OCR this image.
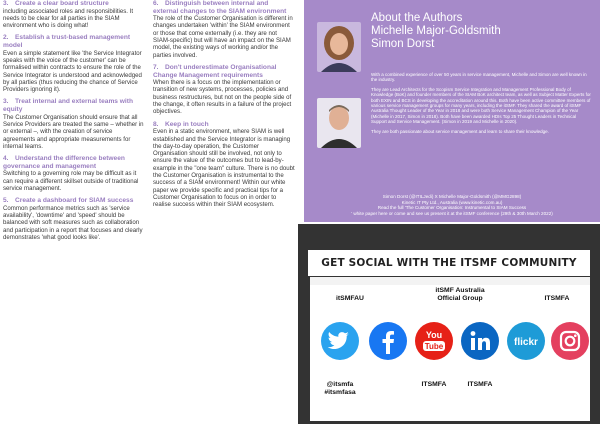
3. Create a clear board structure

including associated roles and responsibilities. It needs to be clear for all parties in the SIAM environment who is doing what!

2. Establish a trust-based management model

Even a simple statement like 'the Service Integrator speaks with the voice of the customer' can be formalised within contracts to ensure the role of the Service Integrator is understood and acknowledged by all parties (thus reducing the chance of Service Providers ignoring it).

3. Treat internal and external teams with equity

The Customer Organisation should ensure that all Service Providers are treated the same – whether in or external –, with the creation of service agreements and appropriate measurements for internal teams.

4. Understand the difference between governance and management

Switching to a governing role may be difficult as it can require a different skillset outside of traditional service management.

5. Create a dashboard for SIAM success

Common performance metrics such as 'service availability', 'downtime' and 'speed' should be balanced with soft measures such as collaboration and participation in a report that focuses and clearly demonstrates 'what good looks like'.

6. Distinguish between internal and external changes to the SIAM environment

The role of the Customer Organisation is different in changes undertaken 'within' the SIAM environment or those that come externally (i.e. they are not SIAM-specific) but will have an impact on the SIAM model, the existing ways of working and/or the parties involved.

7. Don't underestimate Organisational Change Management requirements

When there is a focus on the implementation or transition of new systems, processes, policies and business restructures, but not on the people side of the change, it often results in a failure of the project objectives.

8. Keep in touch

Even in a static environment, where SIAM is well established and the Service Integrator is managing the day-to-day operation, the Customer Organisation should still be involved, not only to ensure the value of the outcomes but to lead-by-example in the "one team" culture. There is no doubt the Customer Organisation is instrumental to the success of a SIAM environment! Within our white paper we provide specific and practical tips for a Customer Organisation to focus on in order to realise success within their SIAM ecosystem.

About the Authors
Michelle Major-Goldsmith
Simon Dorst

With a combined experience of over 50 years in service management, Michelle and Simon are well known in the industry.

They are Lead Architects for the Scopism Service Integration and Management Professional Body of Knowledge (BoK) and founder members of the SIAM BoK architect team, as well as Subject Matter Experts for both EXIN and BCS in developing the accreditation around this. Both have been active committee members of various service management groups for many years, including the itSMF. They shared the award of itSMF Australia Thought Leader of the Year in 2018 and were both Service Management Champion of the Year (Michelle in 2017, Simon in 2018). Both have been awarded HDIs Top 25 Thought Leaders in Technical Support and Service Management. (Simon in 2019 and Michelle in 2020).

They are both passionate about service management and learn to share their knowledge.

Simon Dorst (@ITILJedi) X Michelle Major-Goldsmith (@MMG2898)
Kinetic IT Pty Ltd., Australia (www.kinetic.com.au)
Read the full 'The Customer Organisation: Instrumental to SIAM Success
' white paper here or come and see us present it at the itSMF conference (29th & 30th March 2022)
GET SOCIAL WITH THE ITSMF COMMUNITY
itSMFAU
itSMF Australia
Official Group	ITSMFA
You
Tube	flickr
@itsmfa
#itsmfasa
ITSMFA	ITSMFA
